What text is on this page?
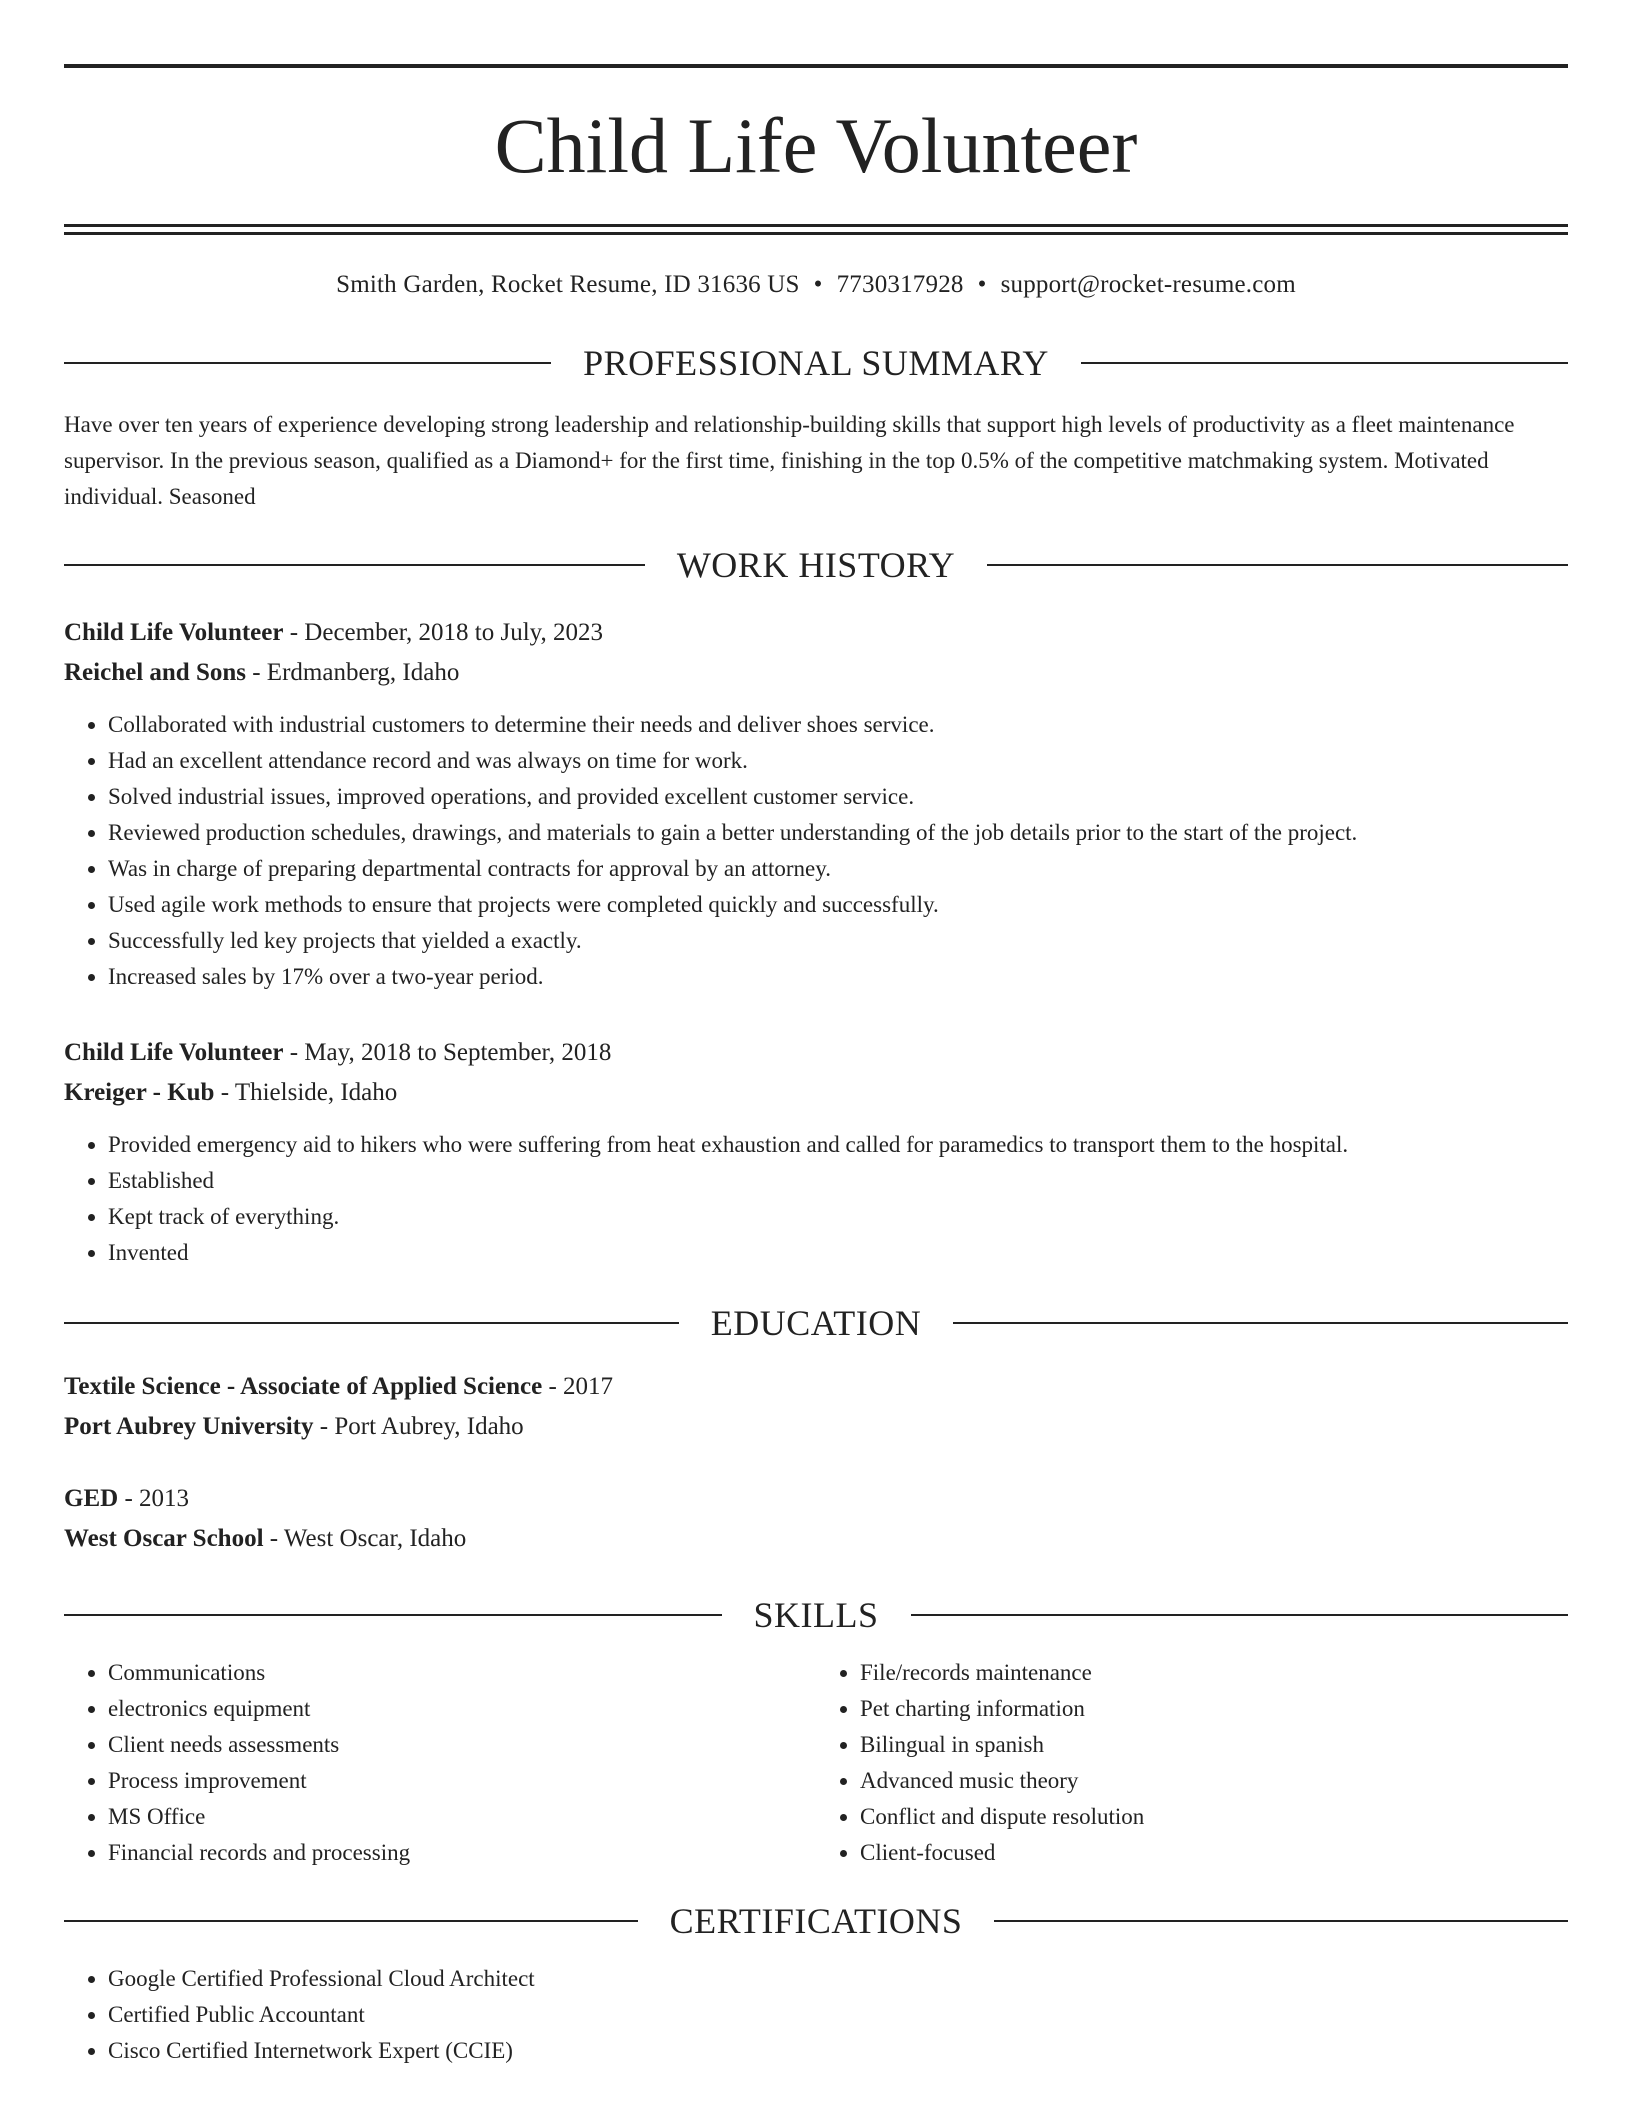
Child Life Volunteer
Smith Garden, Rocket Resume, ID 31636 US • 7730317928 • support@rocket-resume.com
PROFESSIONAL SUMMARY
Have over ten years of experience developing strong leadership and relationship-building skills that support high levels of productivity as a fleet maintenance supervisor. In the previous season, qualified as a Diamond+ for the first time, finishing in the top 0.5% of the competitive matchmaking system. Motivated individual. Seasoned
WORK HISTORY
Child Life Volunteer - December, 2018 to July, 2023
Reichel and Sons - Erdmanberg, Idaho
• Collaborated with industrial customers to determine their needs and deliver shoes service.
• Had an excellent attendance record and was always on time for work.
• Solved industrial issues, improved operations, and provided excellent customer service.
• Reviewed production schedules, drawings, and materials to gain a better understanding of the job details prior to the start of the project.
• Was in charge of preparing departmental contracts for approval by an attorney.
• Used agile work methods to ensure that projects were completed quickly and successfully.
• Successfully led key projects that yielded a exactly.
• Increased sales by 17% over a two-year period.
Child Life Volunteer - May, 2018 to September, 2018
Kreiger - Kub - Thielside, Idaho
• Provided emergency aid to hikers who were suffering from heat exhaustion and called for paramedics to transport them to the hospital.
• Established
• Kept track of everything.
• Invented
EDUCATION
Textile Science - Associate of Applied Science - 2017
Port Aubrey University - Port Aubrey, Idaho
GED - 2013
West Oscar School - West Oscar, Idaho
SKILLS
• Communications
• electronics equipment
• Client needs assessments
• Process improvement
• MS Office
• Financial records and processing
• File/records maintenance
• Pet charting information
• Bilingual in spanish
• Advanced music theory
• Conflict and dispute resolution
• Client-focused
CERTIFICATIONS
• Google Certified Professional Cloud Architect
• Certified Public Accountant
• Cisco Certified Internetwork Expert (CCIE)
